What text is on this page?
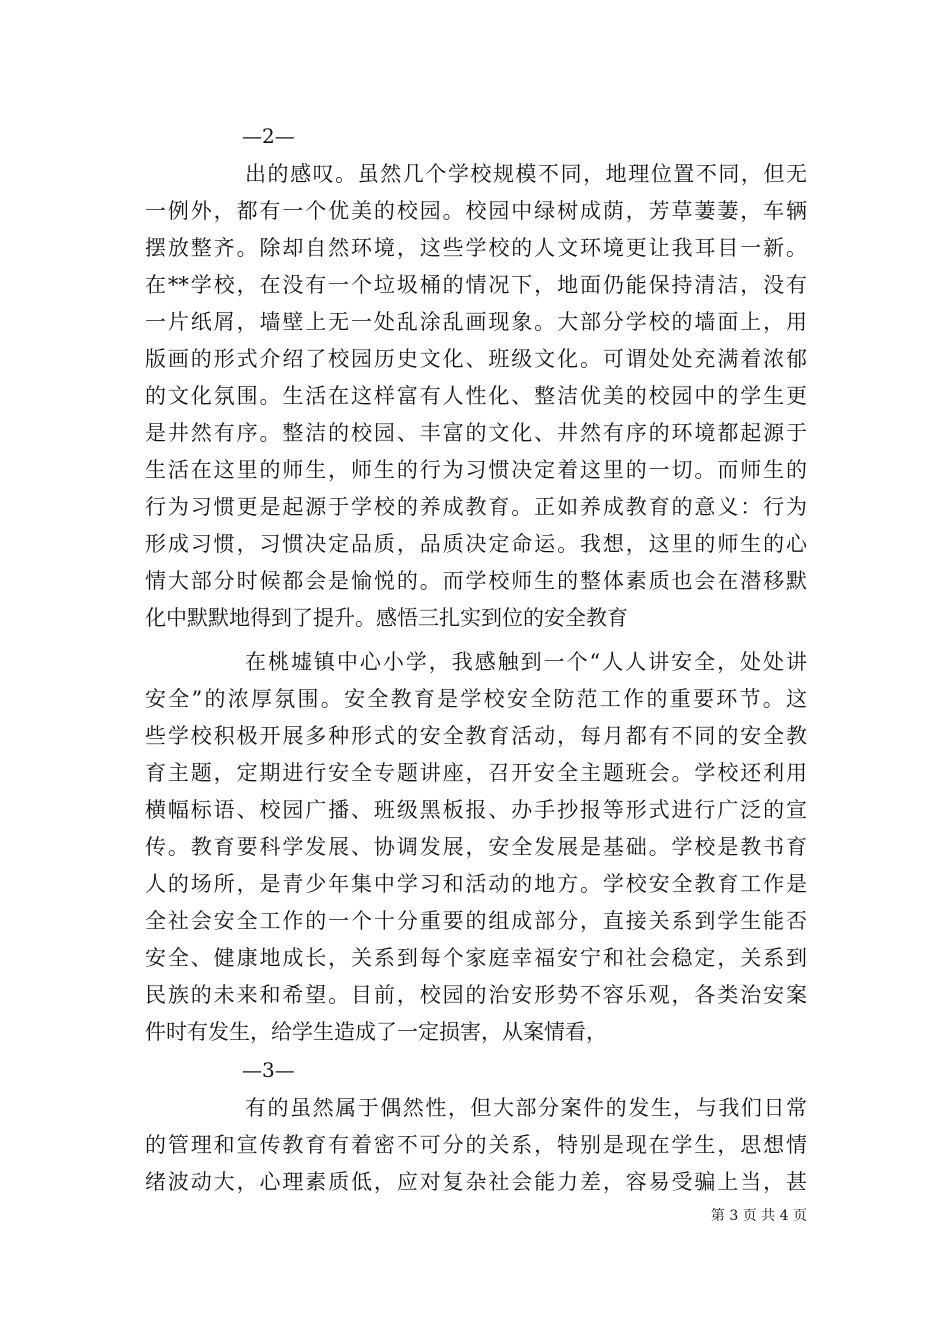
—2—
出的感叹。虽然几个学校规模不同，地理位置不同，但无
一例外，都有一个优美的校园。校园中绿树成荫，芳草萋萋，车辆
摆放整齐。除却自然环境，这些学校的人文环境更让我耳目一新。
在**学校，在没有一个垃圾桶的情况下，地面仍能保持清洁，没有
一片纸屑，墙壁上无一处乱涂乱画现象。大部分学校的墙面上，用
版画的形式介绍了校园历史文化、班级文化。可谓处处充满着浓郁
的文化氛围。生活在这样富有人性化、整洁优美的校园中的学生更
是井然有序。整洁的校园、丰富的文化、井然有序的环境都起源于
生活在这里的师生，师生的行为习惯决定着这里的一切。而师生的
行为习惯更是起源于学校的养成教育。正如养成教育的意义：行为
形成习惯，习惯决定品质，品质决定命运。我想，这里的师生的心
情大部分时候都会是愉悦的。而学校师生的整体素质也会在潜移默
化中默默地得到了提升。感悟三扎实到位的安全教育
在桃墟镇中心小学，我感触到一个“人人讲安全，处处讲
安全”的浓厚氛围。安全教育是学校安全防范工作的重要环节。这
些学校积极开展多种形式的安全教育活动，每月都有不同的安全教
育主题，定期进行安全专题讲座，召开安全主题班会。学校还利用
横幅标语、校园广播、班级黑板报、办手抄报等形式进行广泛的宣
传。教育要科学发展、协调发展，安全发展是基础。学校是教书育
人的场所，是青少年集中学习和活动的地方。学校安全教育工作是
全社会安全工作的一个十分重要的组成部分，直接关系到学生能否
安全、健康地成长，关系到每个家庭幸福安宁和社会稳定，关系到
民族的未来和希望。目前，校园的治安形势不容乐观，各类治安案
件时有发生，给学生造成了一定损害，从案情看，
—3—
有的虽然属于偶然性，但大部分案件的发生，与我们日常
的管理和宣传教育有着密不可分的关系，特别是现在学生，思想情
绪波动大，心理素质低，应对复杂社会能力差，容易受骗上当，甚
第 3 页 共 4 页
